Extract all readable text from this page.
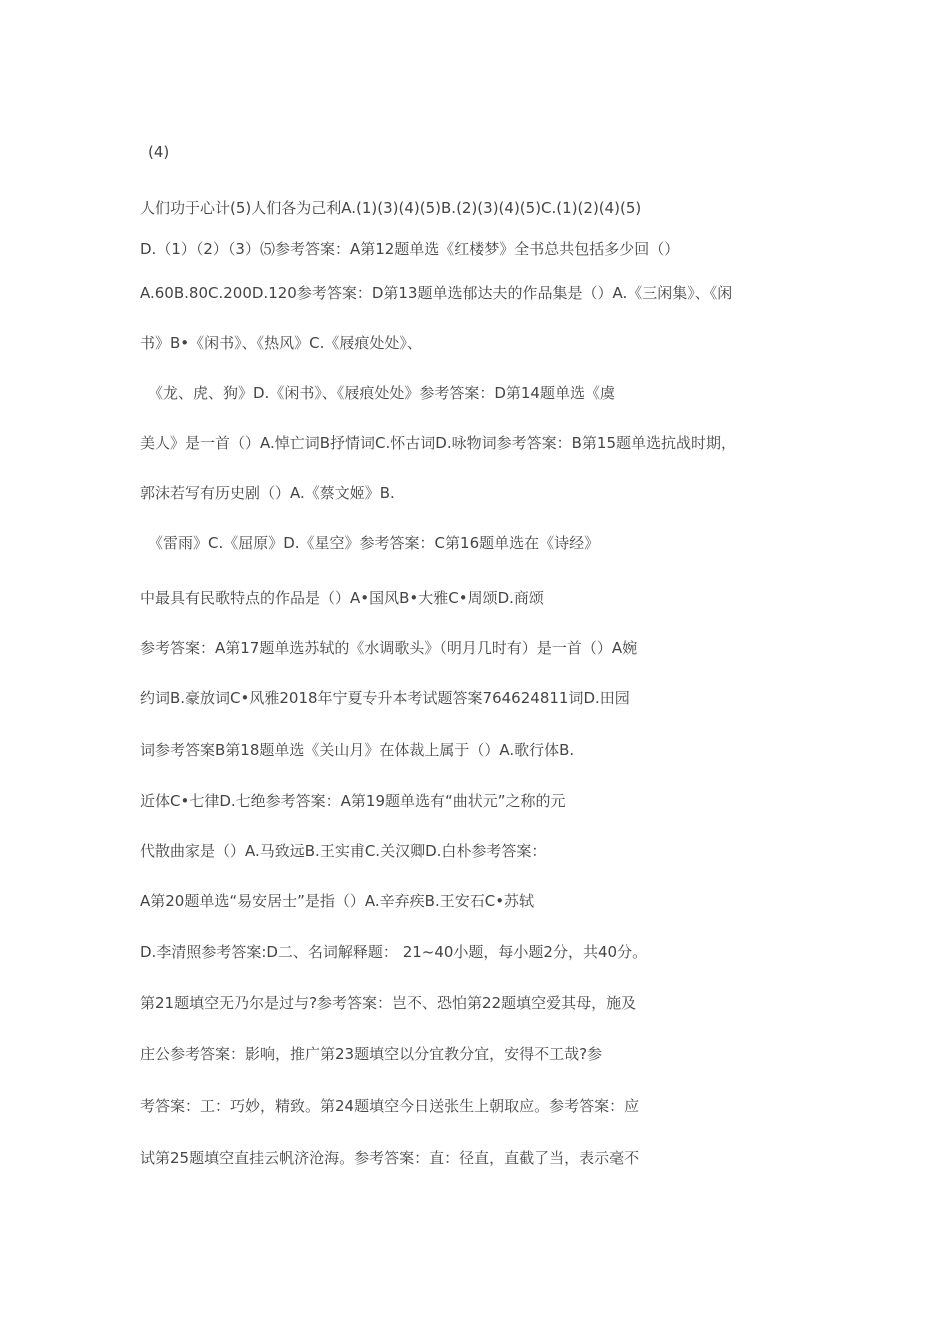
(4)
人们功于心计(5)人们各为己利A.(1)(3)(4)(5)B.(2)(3)(4)(5)C.(1)(2)(4)(5)
D.（1）（2）（3）⑸参考答案：A第12题单选《红楼梦》全书总共包括多少回（）
A.60B.80C.200D.120参考答案：D第13题单选郁达夫的作品集是（）A.《三闲集》、《闲
书》B•《闲书》、《热风》C.《屐痕处处》、
《龙、虎、狗》D.《闲书》、《屐痕处处》参考答案：D第14题单选《虞
美人》是一首（）A.悼亡词B抒情词C.怀古词D.咏物词参考答案：B第15题单选抗战时期，
郭沫若写有历史剧（）A.《蔡文姬》B.
《雷雨》C.《屈原》D.《星空》参考答案：C第16题单选在《诗经》
中最具有民歌特点的作品是（）A•国风B•大雅C•周颂D.商颂
参考答案：A第17题单选苏轼的《水调歌头》（明月几时有）是一首（）A婉
约词B.豪放词C•风雅2018年宁夏专升本考试题答案764624811词D.田园
词参考答案B第18题单选《关山月》在体裁上属于（）A.歌行体B.
近体C•七律D.七绝参考答案：A第19题单选有“曲状元”之称的元
代散曲家是（）A.马致远B.王实甫C.关汉卿D.白朴参考答案：
A第20题单选“易安居士”是指（）A.辛弃疾B.王安石C•苏轼
D.李清照参考答案:D二、名词解释题： 21~40小题，每小题2分，共40分。
第21题填空无乃尔是过与?参考答案：岂不、恐怕第22题填空爱其母，施及
庄公参考答案：影响，推广第23题填空以分宜教分宜，安得不工哉?参
考答案：工：巧妙，精致。第24题填空今日送张生上朝取应。参考答案：应
试第25题填空直挂云帆济沧海。参考答案：直：径直，直截了当，表示毫不
